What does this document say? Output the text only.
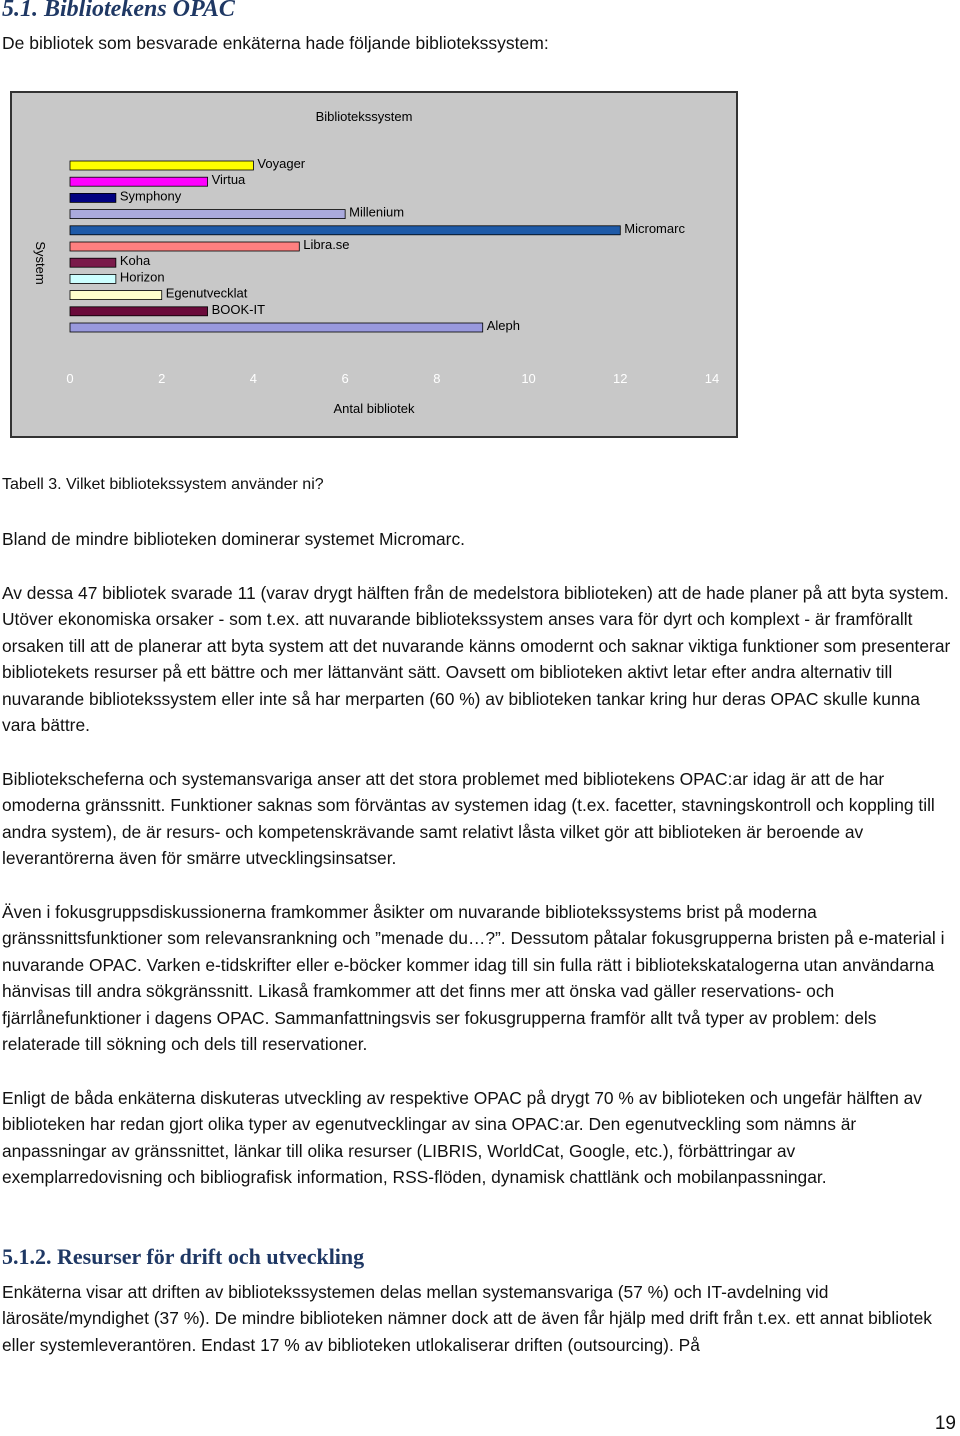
5.1. Bibliotekens OPAC

De bibliotek som besvarade enkäterna hade följande bibliotekssystem:

Bibliotekssystem
System
Antal bibliotek
Voyager
Virtua
Symphony
Millenium
Micromarc
Libra.se
Koha
Horizon
Egenutvecklat
BOOK-IT
Aleph
0	2	4	6	8	10	12	14

Tabell 3. Vilket bibliotekssystem använder ni?

Bland de mindre biblioteken dominerar systemet Micromarc.

Av dessa 47 bibliotek svarade 11 (varav drygt hälften från de medelstora biblioteken) att de hade planer på att byta system. Utöver ekonomiska orsaker - som t.ex. att nuvarande bibliotekssystem anses vara för dyrt och komplext - är framförallt orsaken till att de planerar att byta system att det nuvarande känns omodernt och saknar viktiga funktioner som presenterar bibliotekets resurser på ett bättre och mer lättanvänt sätt. Oavsett om biblioteken aktivt letar efter andra alternativ till nuvarande bibliotekssystem eller inte så har merparten (60 %) av biblioteken tankar kring hur deras OPAC skulle kunna vara bättre.

Bibliotekscheferna och systemansvariga anser att det stora problemet med bibliotekens OPAC:ar idag är att de har omoderna gränssnitt. Funktioner saknas som förväntas av systemen idag (t.ex. facetter, stavningskontroll och koppling till andra system), de är resurs- och kompetenskrävande samt relativt låsta vilket gör att biblioteken är beroende av leverantörerna även för smärre utvecklingsinsatser.

Även i fokusgruppsdiskussionerna framkommer åsikter om nuvarande bibliotekssystems brist på moderna gränssnittsfunktioner som relevansrankning och ”menade du…?”. Dessutom påtalar fokusgrupperna bristen på e-material i nuvarande OPAC. Varken e-tidskrifter eller e-böcker kommer idag till sin fulla rätt i bibliotekskatalogerna utan användarna hänvisas till andra sökgränssnitt. Likaså framkommer att det finns mer att önska vad gäller reservations- och fjärrlånefunktioner i dagens OPAC. Sammanfattningsvis ser fokusgrupperna framför allt två typer av problem: dels relaterade till sökning och dels till reservationer.

Enligt de båda enkäterna diskuteras utveckling av respektive OPAC på drygt 70 % av biblioteken och ungefär hälften av biblioteken har redan gjort olika typer av egenutvecklingar av sina OPAC:ar. Den egenutveckling som nämns är anpassningar av gränssnittet, länkar till olika resurser (LIBRIS, WorldCat, Google, etc.), förbättringar av exemplarredovisning och bibliografisk information, RSS-flöden, dynamisk chattlänk och mobilanpassningar.

5.1.2. Resurser för drift och utveckling

Enkäterna visar att driften av bibliotekssystemen delas mellan systemansvariga (57 %) och IT-avdelning vid lärosäte/myndighet (37 %). De mindre biblioteken nämner dock att de även får hjälp med drift från t.ex. ett annat bibliotek eller systemleverantören. Endast 17 % av biblioteken utlokaliserar driften (outsourcing). På

19
